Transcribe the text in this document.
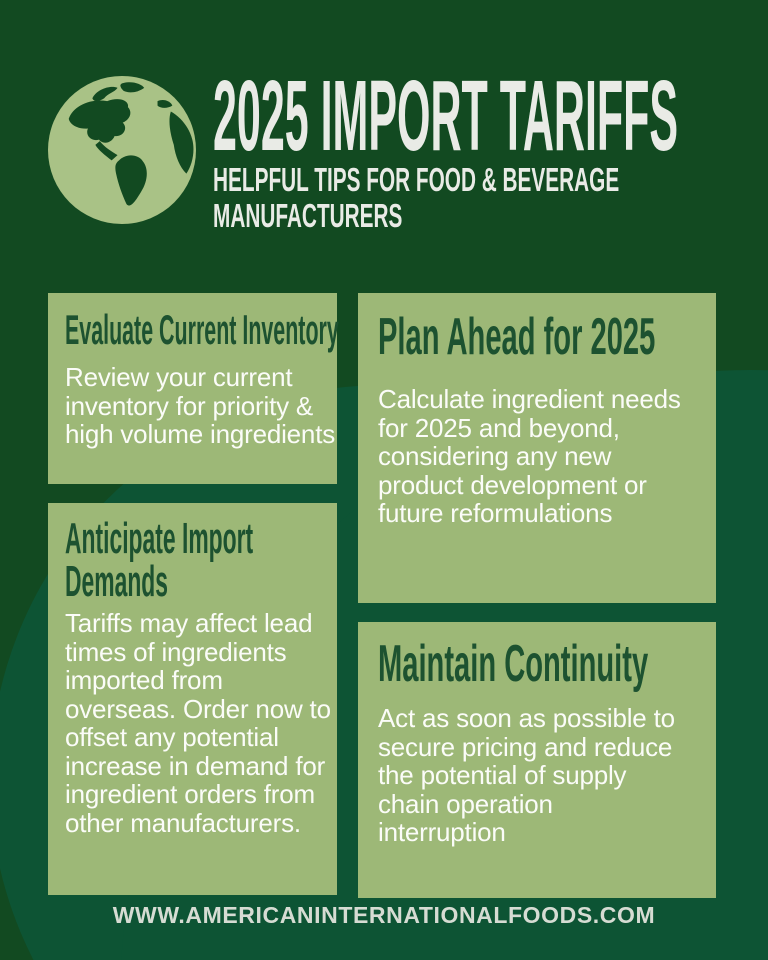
2025 IMPORT TARIFFS
HELPFUL TIPS FOR FOOD & BEVERAGE
MANUFACTURERS
Evaluate Current Inventory

Review your current inventory for priority & high volume ingredients

Anticipate Import Demands

Tariffs may affect lead times of ingredients imported from overseas. Order now to offset any potential increase in demand for ingredient orders from other manufacturers.

Plan Ahead for 2025

Calculate ingredient needs for 2025 and beyond, considering any new product development or future reformulations

Maintain Continuity

Act as soon as possible to secure pricing and reduce the potential of supply chain operation interruption

WWW.AMERICANINTERNATIONALFOODS.COM
